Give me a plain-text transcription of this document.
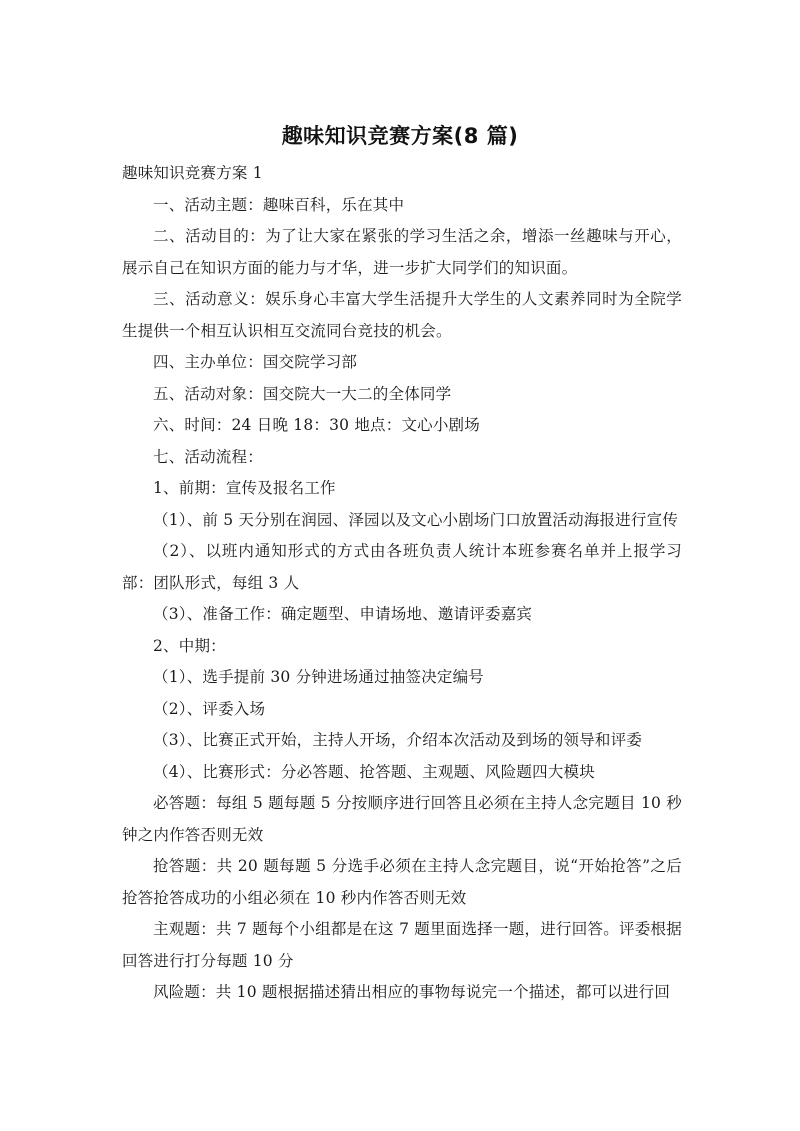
趣味知识竞赛方案(8 篇)

趣味知识竞赛方案 1

一、活动主题：趣味百科，乐在其中

二、活动目的：为了让大家在紧张的学习生活之余，增添一丝趣味与开心，展示自己在知识方面的能力与才华，进一步扩大同学们的知识面。

三、活动意义：娱乐身心丰富大学生活提升大学生的人文素养同时为全院学生提供一个相互认识相互交流同台竞技的机会。

四、主办单位：国交院学习部

五、活动对象：国交院大一大二的全体同学

六、时间：24 日晚 18：30 地点：文心小剧场

七、活动流程：

1、前期：宣传及报名工作

（1）、前 5 天分别在润园、泽园以及文心小剧场门口放置活动海报进行宣传

（2）、以班内通知形式的方式由各班负责人统计本班参赛名单并上报学习部：团队形式，每组 3 人

（3）、准备工作：确定题型、申请场地、邀请评委嘉宾

2、中期：

（1）、选手提前 30 分钟进场通过抽签决定编号

（2）、评委入场

（3）、比赛正式开始，主持人开场，介绍本次活动及到场的领导和评委

（4）、比赛形式：分必答题、抢答题、主观题、风险题四大模块

必答题：每组 5 题每题 5 分按顺序进行回答且必须在主持人念完题目 10 秒钟之内作答否则无效

抢答题：共 20 题每题 5 分选手必须在主持人念完题目，说“开始抢答”之后抢答抢答成功的小组必须在 10 秒内作答否则无效

主观题：共 7 题每个小组都是在这 7 题里面选择一题，进行回答。评委根据回答进行打分每题 10 分

风险题：共 10 题根据描述猜出相应的事物每说完一个描述，都可以进行回
